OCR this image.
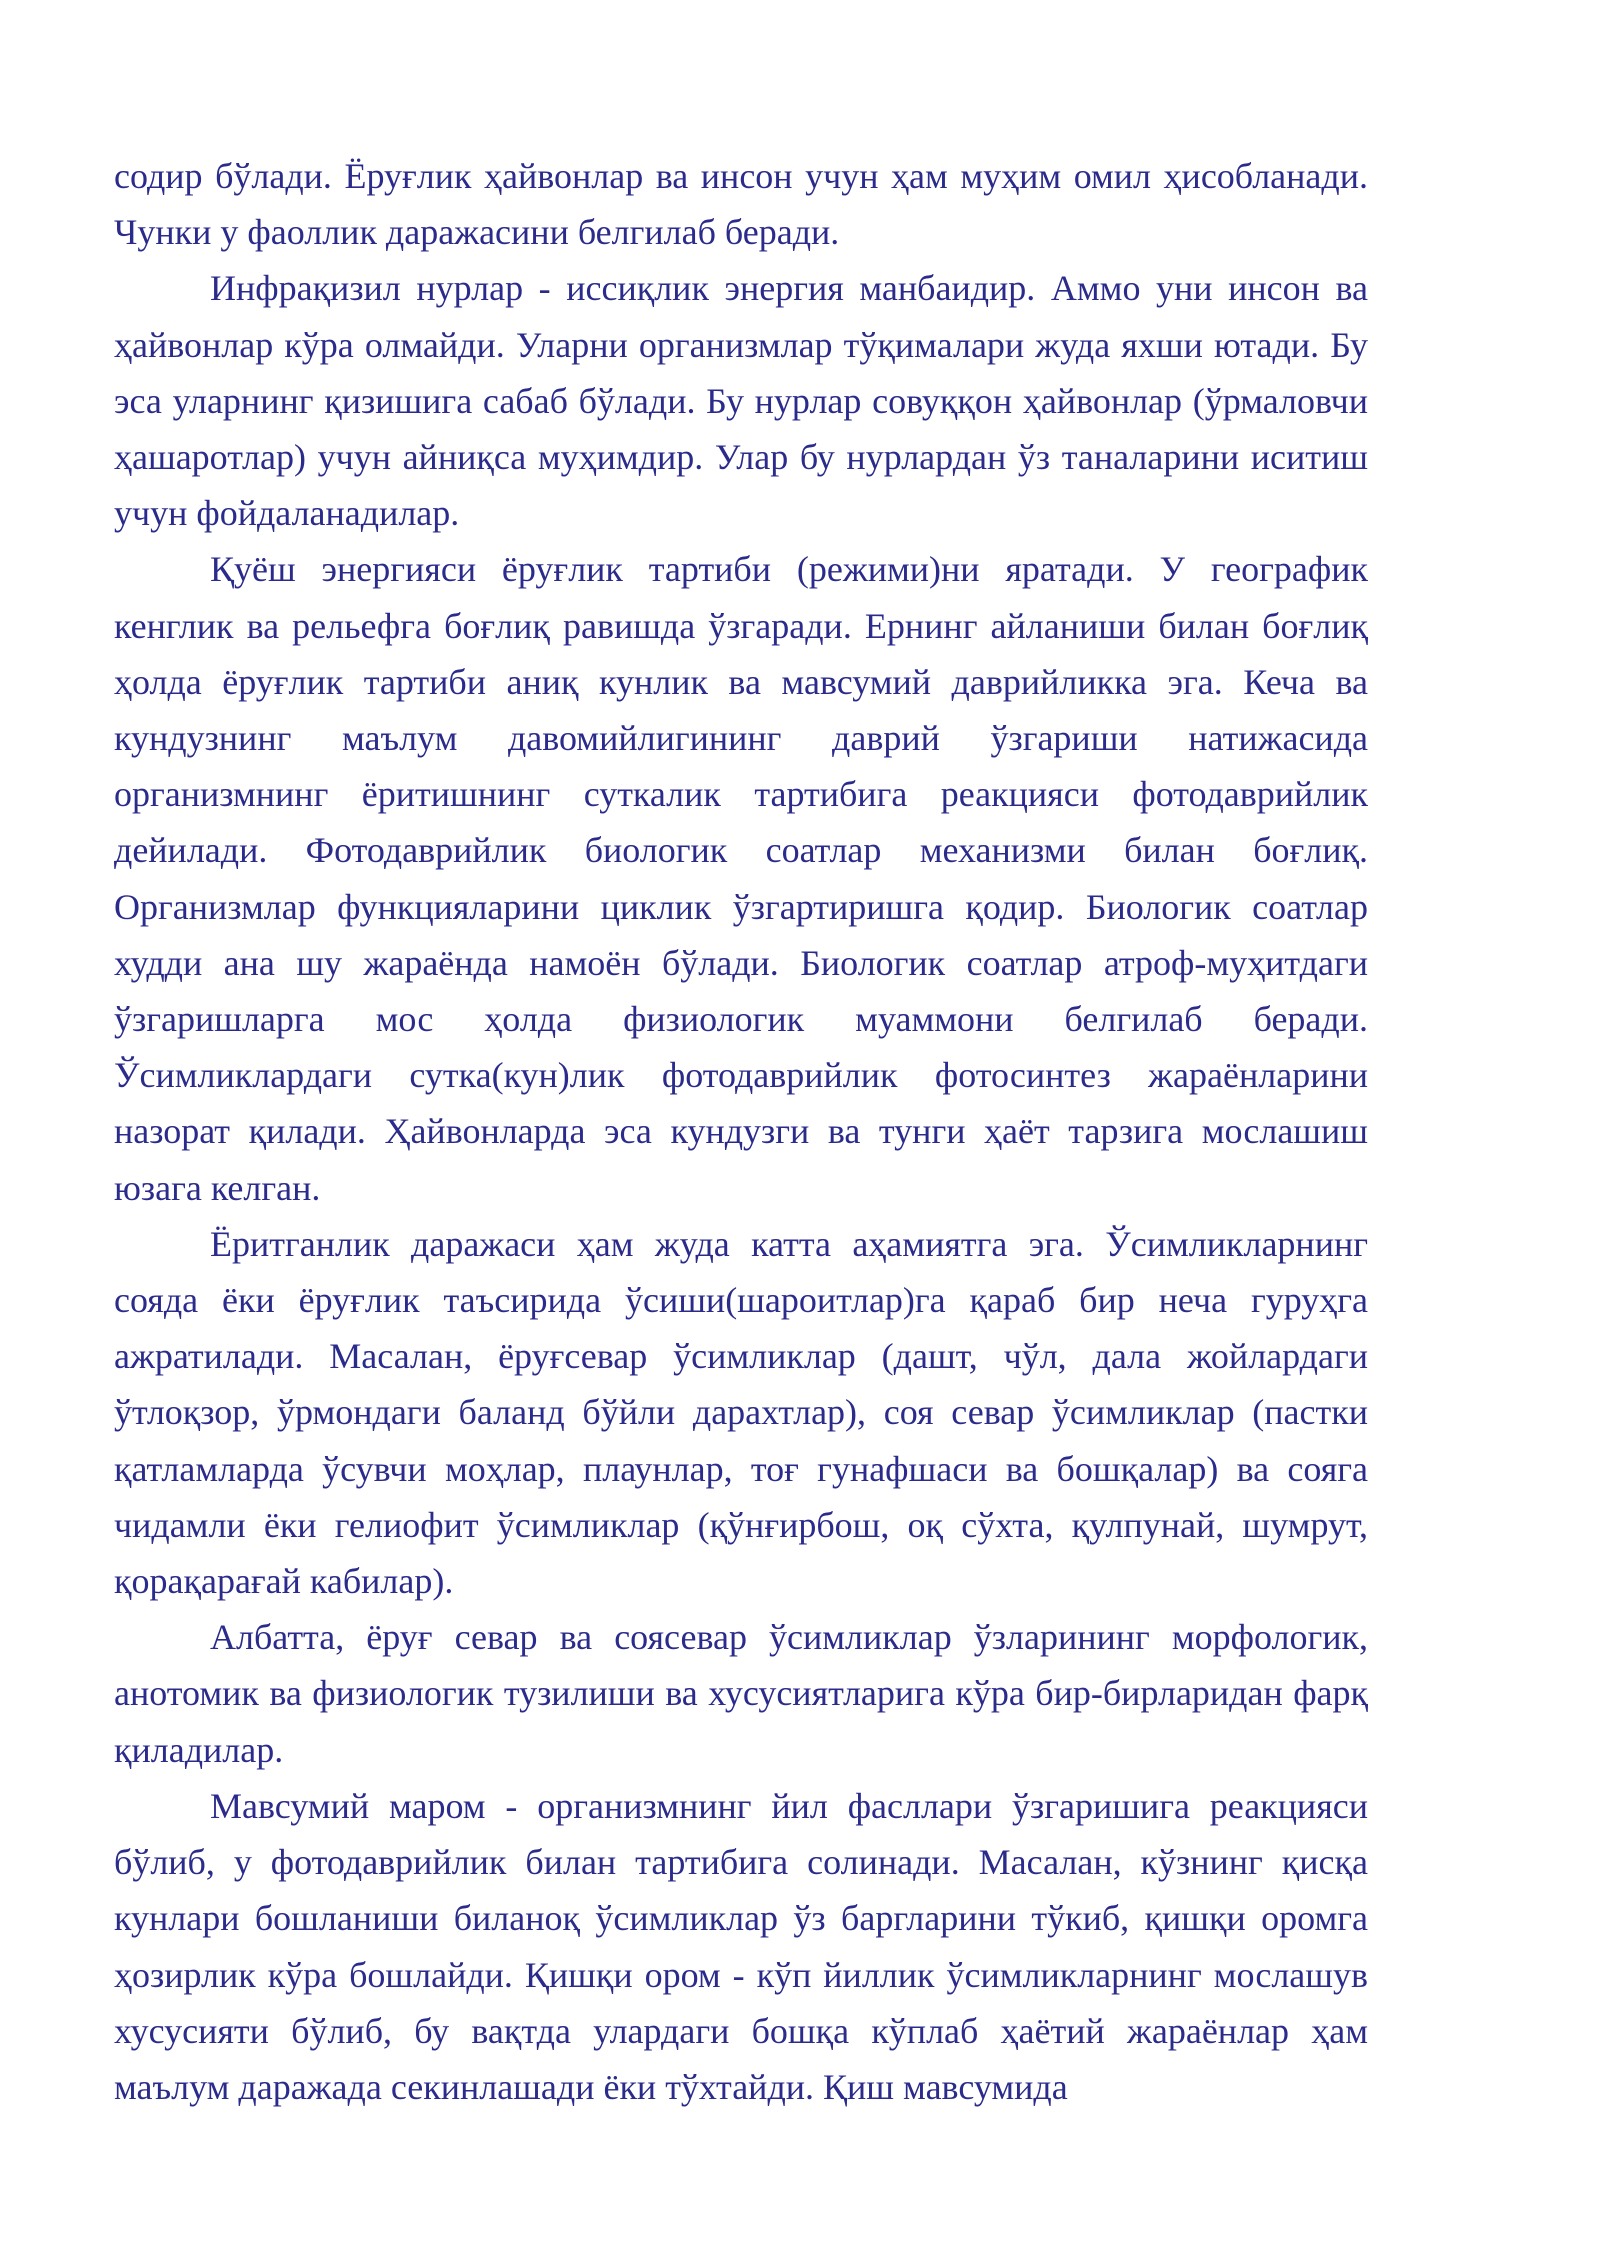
содир бўлади. Ёруғлик ҳайвонлар ва инсон учун ҳам муҳим омил ҳисобланади. Чунки у фаоллик даражасини белгилаб беради.

Инфрақизил нурлар - иссиқлик энергия манбаидир. Аммо уни инсон ва ҳайвонлар кўра олмайди. Уларни организмлар тўқималари жуда яхши ютади. Бу эса уларнинг қизишига сабаб бўлади. Бу нурлар совуққон ҳайвонлар (ўрмаловчи ҳашаротлар) учун айниқса муҳимдир. Улар бу нурлардан ўз таналарини иситиш учун фойдаланадилар.

Қуёш энергияси ёруғлик тартиби (режими)ни яратади. У географик кенглик ва рельефга боғлиқ равишда ўзгаради. Ернинг айланиши билан боғлиқ ҳолда ёруғлик тартиби аниқ кунлик ва мавсумий даврийликка эга. Кеча ва кундузнинг маълум давомийлигининг даврий ўзгариши натижасида организмнинг ёритишнинг суткалик тартибига реакцияси фотодаврийлик дейилади. Фотодаврийлик биологик соатлар механизми билан боғлиқ. Организмлар функцияларини циклик ўзгартиришга қодир. Биологик соатлар худди ана шу жараёнда намоён бўлади. Биологик соатлар атроф-муҳитдаги ўзгаришларга мос ҳолда физиологик муаммони белгилаб беради. Ўсимликлардаги сутка(кун)лик фотодаврийлик фотосинтез жараёнларини назорат қилади. Ҳайвонларда эса кундузги ва тунги ҳаёт тарзига мослашиш юзага келган.

Ёритганлик даражаси ҳам жуда катта аҳамиятга эга. Ўсимликларнинг сояда ёки ёруғлик таъсирида ўсиши(шароитлар)га қараб бир неча гуруҳга ажратилади. Масалан, ёруғсевар ўсимликлар (дашт, чўл, дала жойлардаги ўтлоқзор, ўрмондаги баланд бўйли дарахтлар), соя севар ўсимликлар (пастки қатламларда ўсувчи моҳлар, плаунлар, тоғ гунафшаси ва бошқалар) ва сояга чидамли ёки гелиофит ўсимликлар (қўнғирбош, оқ сўхта, қулпунай, шумрут, қорақарағай кабилар).

Албатта, ёруғ севар ва соясевар ўсимликлар ўзларининг морфологик, анотомик ва физиологик тузилиши ва хусусиятларига кўра бир-бирларидан фарқ қиладилар.

Мавсумий маром - организмнинг йил фасллари ўзгаришига реакцияси бўлиб, у фотодаврийлик билан тартибига солинади. Масалан, кўзнинг қисқа кунлари бошланиши биланоқ ўсимликлар ўз баргларини тўкиб, қишқи оромга ҳозирлик кўра бошлайди. Қишқи ором - кўп йиллик ўсимликларнинг мослашув хусусияти бўлиб, бу вақтда улардаги бошқа кўплаб ҳаётий жараёнлар ҳам маълум даражада секинлашади ёки тўхтайди. Қиш мавсумида
